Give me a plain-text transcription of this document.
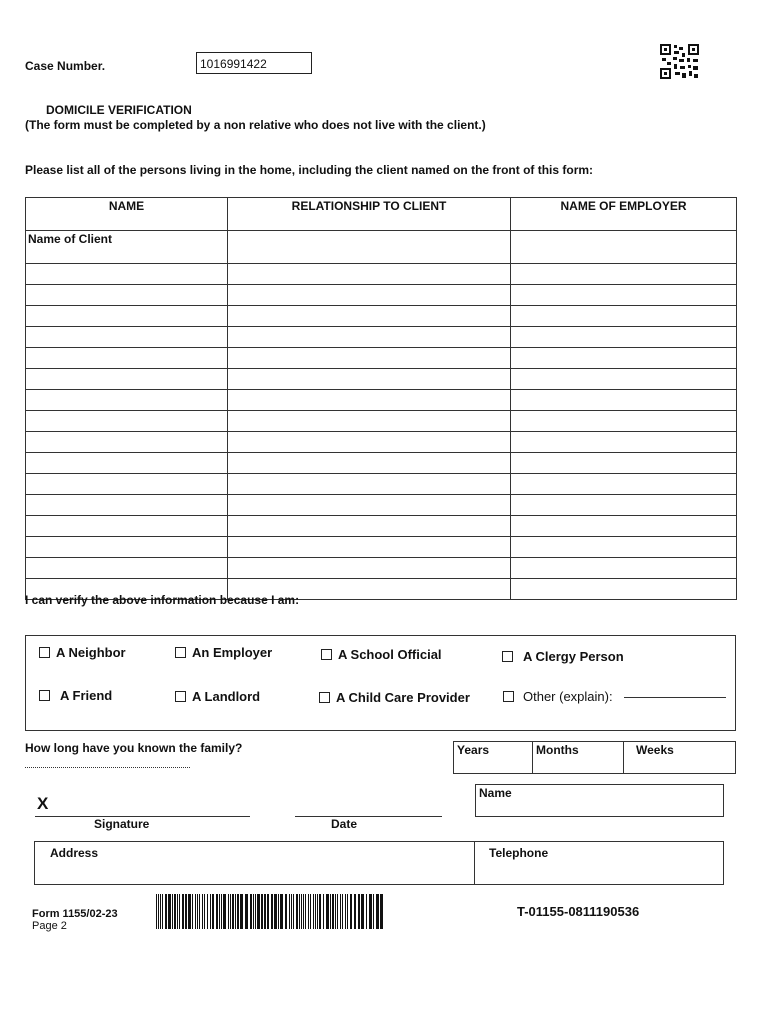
Case Number.	1016991422
DOMICILE VERIFICATION
(The form must be completed by a non relative who does not live with the client.)
Please list all of the persons living in the home, including the client named on the front of this form:
NAME	RELATIONSHIP TO CLIENT	NAME OF EMPLOYER
Name of Client		

I can verify the above information because I am:
A Neighbor	An Employer	A School Official	A Clergy Person
A Friend	A Landlord	A Child Care Provider	Other (explain):
How long have you known the family?	Years	Months	Weeks
Name
X
Signature	Date
Address	Telephone
Form 1155/02-23
Page 2
T-01155-0811190536
